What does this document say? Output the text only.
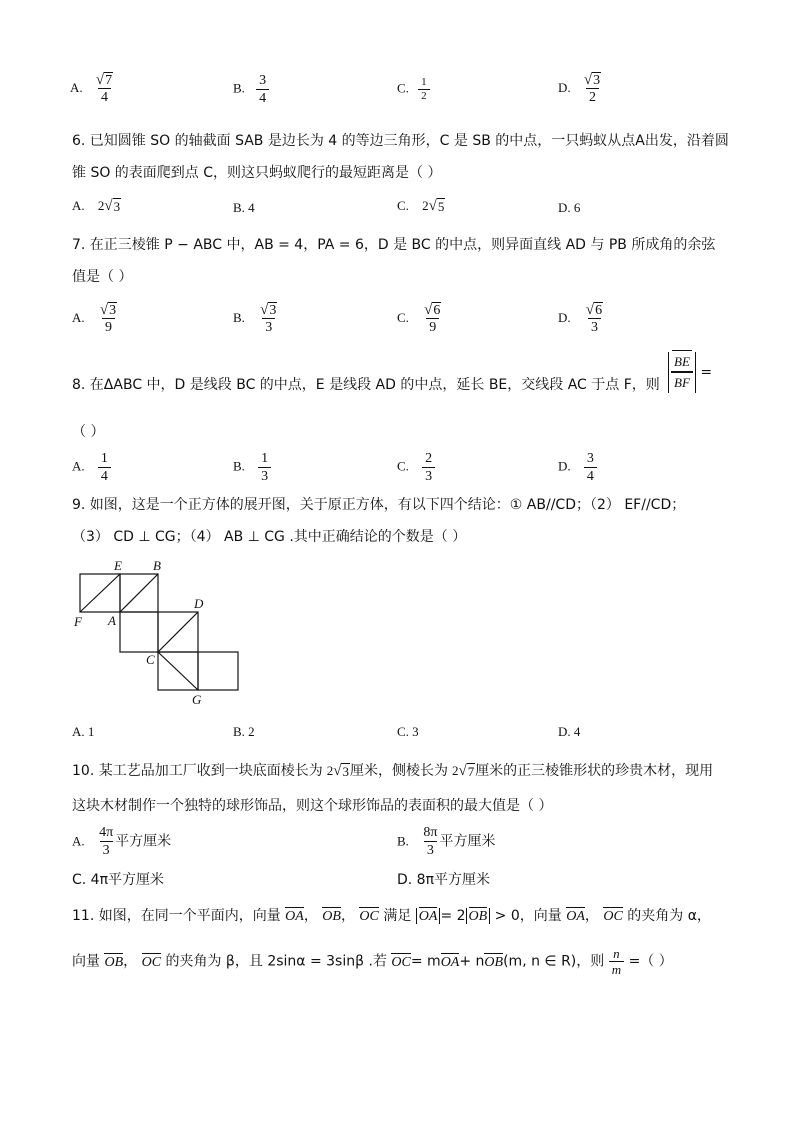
A. $\frac{√ 7}{4}$	B. $\frac{3}{4}$	C. $\frac{1}{2}$	D. $\frac{√ 3}{2}$
6. 已知圆锥 SO 的轴截面 SAB 是边长为 4 的等边三角形，C 是 SB 的中点，一只蚂蚁从点A出发，沿着圆
锥 SO 的表面爬到点 C，则这只蚂蚁爬行的最短距离是（ ）
A. 2 √ 3	B. 4	C. 2 √ 5	D. 6
7. 在正三棱锥 P − ABC 中，AB = 4，PA = 6，D 是 BC 的中点，则异面直线 AD 与 PB 所成角的余弦
值是（ ）
A. $\frac{√ 3}{9}$	B. $\frac{√ 3}{3}$	C. $\frac{√ 6}{9}$	D. $\frac{√ 6}{3}$
8. 在ΔABC 中，D 是线段 BC 的中点，E 是线段 AD 的中点，延长 BE，交线段 AC 于点 F，则 $\frac{BE}{BF}$ =
（ ）
A. $\frac{1}{4}$	B. $\frac{1}{3}$	C. $\frac{2}{3}$	D. $\frac{3}{4}$
9. 如图，这是一个正方体的展开图，关于原正方体，有以下四个结论：① AB//CD；（2） EF//CD；
（3） CD ⊥ CG；（4） AB ⊥ CG .其中正确结论的个数是（ ）
E B
F A
D
C
G
A. 1	B. 2	C. 3	D. 4
10. 某工艺品加工厂收到一块底面棱长为 2 √ 3 厘米，侧棱长为 2 √ 7 厘米的正三棱锥形状的珍贵木材，现用
这块木材制作一个独特的球形饰品，则这个球形饰品的表面积的最大值是（ ）
A. $\frac{4\pi}{3}$ 平方厘米	B. $\frac{8\pi}{3}$ 平方厘米
C. 4π平方厘米	D. 8π平方厘米
11. 如图，在同一个平面内，向量 OA， OB， OC 满足 OA = 2 OB > 0，向量 OA， OC 的夹角为 α，
向量 OB， OC 的夹角为 β，且 2sinα = 3sinβ .若 OC= mOA+ nOB(m, n ∈ R)，则 $\frac{n}{m}$ =（ ）
